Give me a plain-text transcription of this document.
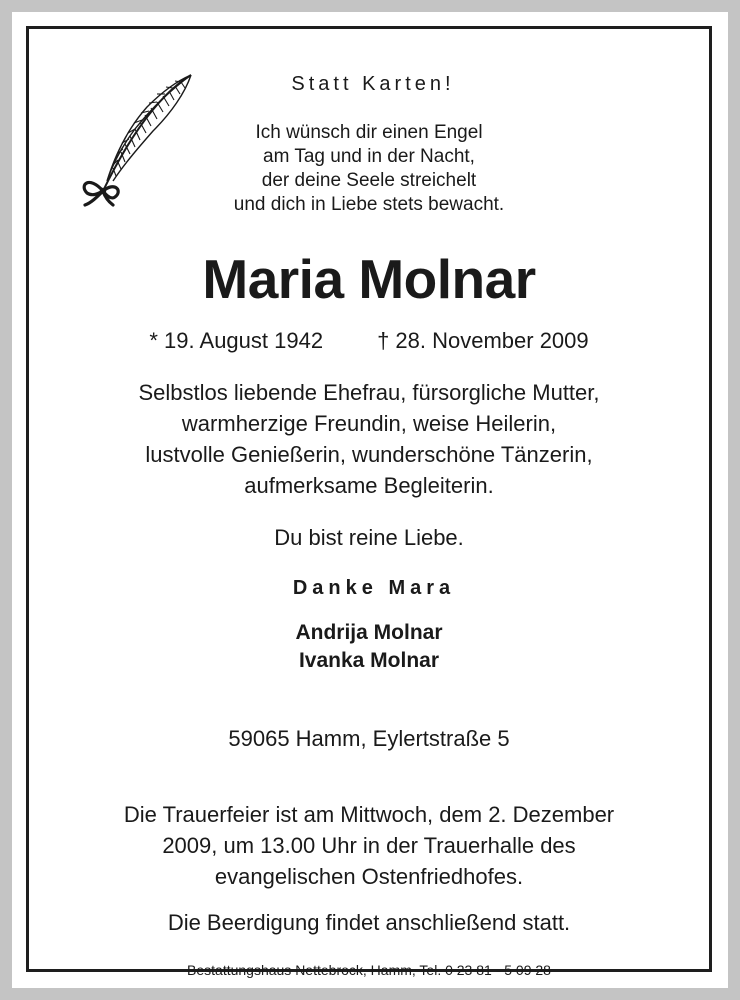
Statt Karten!
Ich wünsch dir einen Engel
am Tag und in der Nacht,
der deine Seele streichelt
und dich in Liebe stets bewacht.
Maria Molnar
* 19. August 1942 † 28. November 2009
Selbstlos liebende Ehefrau, fürsorgliche Mutter,
warmherzige Freundin, weise Heilerin,
lustvolle Genießerin, wunderschöne Tänzerin,
aufmerksame Begleiterin.
Du bist reine Liebe.
Danke Mara
Andrija Molnar
Ivanka Molnar
59065 Hamm, Eylertstraße 5
Die Trauerfeier ist am Mittwoch, dem 2. Dezember
2009, um 13.00 Uhr in der Trauerhalle des
evangelischen Ostenfriedhofes.
Die Beerdigung findet anschließend statt.
Bestattungshaus Nettebrock, Hamm, Tel. 0 23 81 - 5 09 28
